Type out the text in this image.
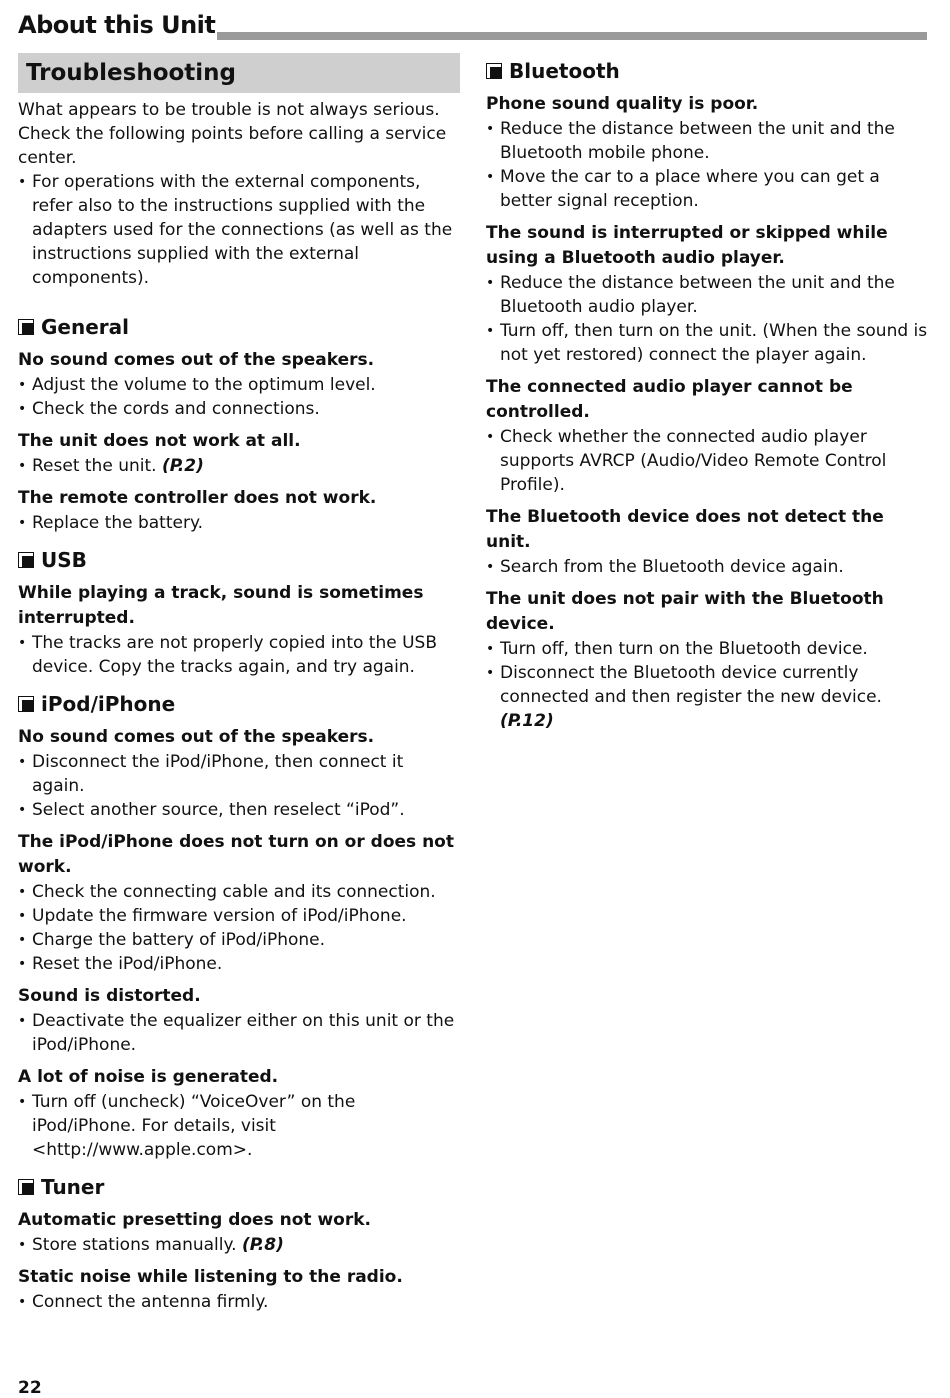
About this Unit
Troubleshooting

What appears to be trouble is not always serious. Check the following points before calling a service center.

• For operations with the external components, refer also to the instructions supplied with the adapters used for the connections (as well as the instructions supplied with the external components).
General

No sound comes out of the speakers.

• Adjust the volume to the optimum level.
• Check the cords and connections.

The unit does not work at all.

• Reset the unit. (P.2)

The remote controller does not work.

• Replace the battery.
USB

While playing a track, sound is sometimes interrupted.

• The tracks are not properly copied into the USB device. Copy the tracks again, and try again.
iPod/iPhone

No sound comes out of the speakers.

• Disconnect the iPod/iPhone, then connect it again.
• Select another source, then reselect “iPod”.

The iPod/iPhone does not turn on or does not work.

• Check the connecting cable and its connection.
• Update the firmware version of iPod/iPhone.
• Charge the battery of iPod/iPhone.
• Reset the iPod/iPhone.

Sound is distorted.

• Deactivate the equalizer either on this unit or the iPod/iPhone.

A lot of noise is generated.

• Turn off (uncheck) “VoiceOver” on the iPod/iPhone. For details, visit <http://www.apple.com>.
Tuner

Automatic presetting does not work.

• Store stations manually. (P.8)

Static noise while listening to the radio.

• Connect the antenna firmly.
Bluetooth

Phone sound quality is poor.

• Reduce the distance between the unit and the Bluetooth mobile phone.
• Move the car to a place where you can get a better signal reception.

The sound is interrupted or skipped while using a Bluetooth audio player.

• Reduce the distance between the unit and the Bluetooth audio player.
• Turn off, then turn on the unit. (When the sound is not yet restored) connect the player again.

The connected audio player cannot be controlled.

• Check whether the connected audio player supports AVRCP (Audio/Video Remote Control Profile).

The Bluetooth device does not detect the unit.

• Search from the Bluetooth device again.

The unit does not pair with the Bluetooth device.

• Turn off, then turn on the Bluetooth device.
• Disconnect the Bluetooth device currently connected and then register the new device.
(P.12)
22
